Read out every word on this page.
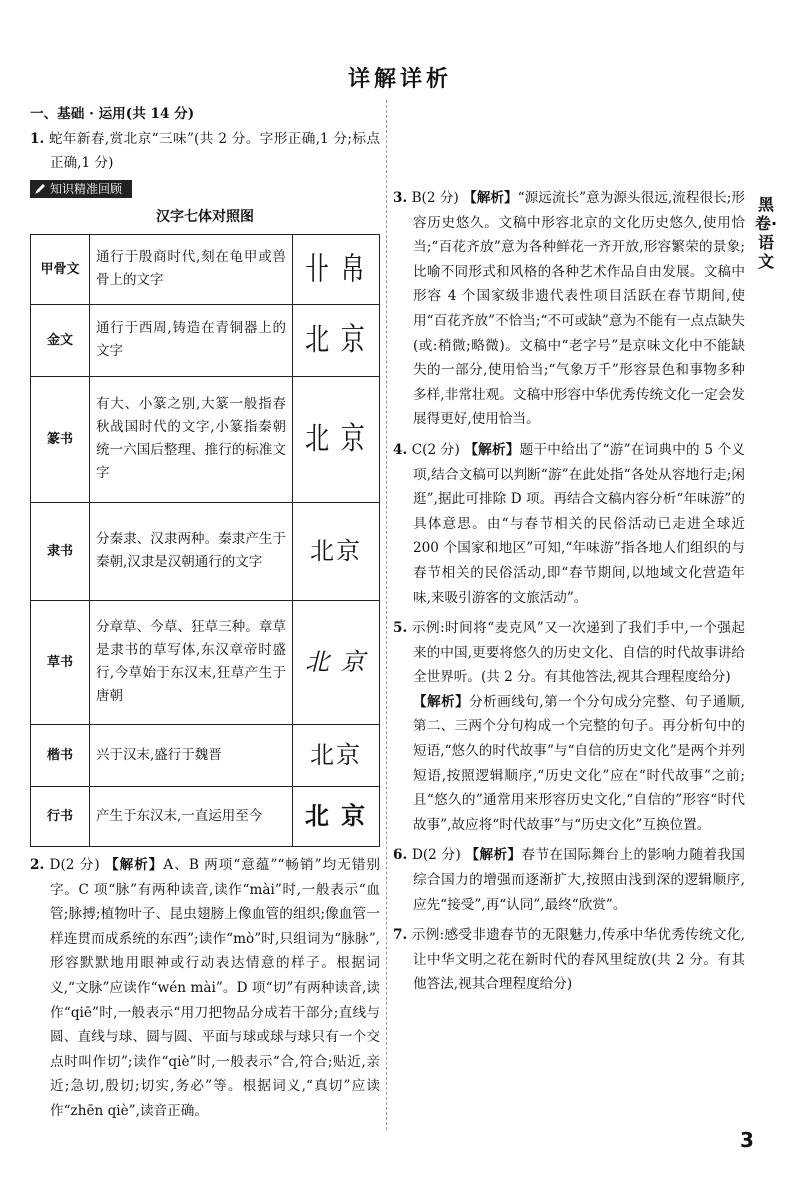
详解详析

一、基础 · 运用(共 14 分)

1. 蛇年新春,赏北京“三味”(共 2 分。字形正确,1 分;标点正确,1 分)

知识精准回顾
汉字七体对照图
甲骨文	通行于殷商时代,刻在龟甲或兽骨上的文字	卝 帛
金文	通行于西周,铸造在青铜器上的文字	北 京
篆书	有大、小篆之别,大篆一般指春秋战国时代的文字,小篆指秦朝统一六国后整理、推行的标准文字	北 京
隶书	分秦隶、汉隶两种。秦隶产生于秦朝,汉隶是汉朝通行的文字	北京
草书	分章草、今草、狂草三种。章草是隶书的草写体,东汉章帝时盛行,今草始于东汉末,狂草产生于唐朝	北 京
楷书	兴于汉末,盛行于魏晋	北京
行书	产生于东汉末,一直运用至今	北 京

2. D(2 分) 【解析】A、B 两项“意蕴”“畅销”均无错别字。C 项“脉”有两种读音,读作“mài”时,一般表示“血管;脉搏;植物叶子、昆虫翅膀上像血管的组织;像血管一样连贯而成系统的东西”;读作“mò”时,只组词为“脉脉”,形容默默地用眼神或行动表达情意的样子。根据词义,“文脉”应读作“wén mài”。D 项“切”有两种读音,读作“qiē”时,一般表示“用刀把物品分成若干部分;直线与圆、直线与球、圆与圆、平面与球或球与球只有一个交点时叫作切”;读作“qiè”时,一般表示“合,符合;贴近,亲近;急切,殷切;切实,务必”等。根据词义,“真切”应读作“zhēn qiè”,读音正确。

3. B(2 分) 【解析】“源远流长”意为源头很远,流程很长;形容历史悠久。文稿中形容北京的文化历史悠久,使用恰当;“百花齐放”意为各种鲜花一齐开放,形容繁荣的景象;比喻不同形式和风格的各种艺术作品自由发展。文稿中形容 4 个国家级非遗代表性项目活跃在春节期间,使用“百花齐放”不恰当;“不可或缺”意为不能有一点点缺失(或:稍微;略微)。文稿中“老字号”是京味文化中不能缺失的一部分,使用恰当;“气象万千”形容景色和事物多种多样,非常壮观。文稿中形容中华优秀传统文化一定会发展得更好,使用恰当。

4. C(2 分) 【解析】题干中给出了“游”在词典中的 5 个义项,结合文稿可以判断“游”在此处指“各处从容地行走;闲逛”,据此可排除 D 项。再结合文稿内容分析“年味游”的具体意思。由“与春节相关的民俗活动已走进全球近 200 个国家和地区”可知,“年味游”指各地人们组织的与春节相关的民俗活动,即“春节期间,以地域文化营造年味,来吸引游客的文旅活动”。

5. 示例:时间将“麦克风”又一次递到了我们手中,一个强起来的中国,更要将悠久的历史文化、自信的时代故事讲给全世界听。(共 2 分。有其他答法,视其合理程度给分)

【解析】分析画线句,第一个分句成分完整、句子通顺,第二、三两个分句构成一个完整的句子。再分析句中的短语,“悠久的时代故事”与“自信的历史文化”是两个并列短语,按照逻辑顺序,“历史文化”应在“时代故事”之前;且“悠久的”通常用来形容历史文化,“自信的”形容“时代故事”,故应将“时代故事”与“历史文化”互换位置。

6. D(2 分) 【解析】春节在国际舞台上的影响力随着我国综合国力的增强而逐渐扩大,按照由浅到深的逻辑顺序,应先“接受”,再“认同”,最终“欣赏”。

7. 示例:感受非遗春节的无限魅力,传承中华优秀传统文化,让中华文明之花在新时代的春风里绽放(共 2 分。有其他答法,视其合理程度给分)

黑卷·语文
3
